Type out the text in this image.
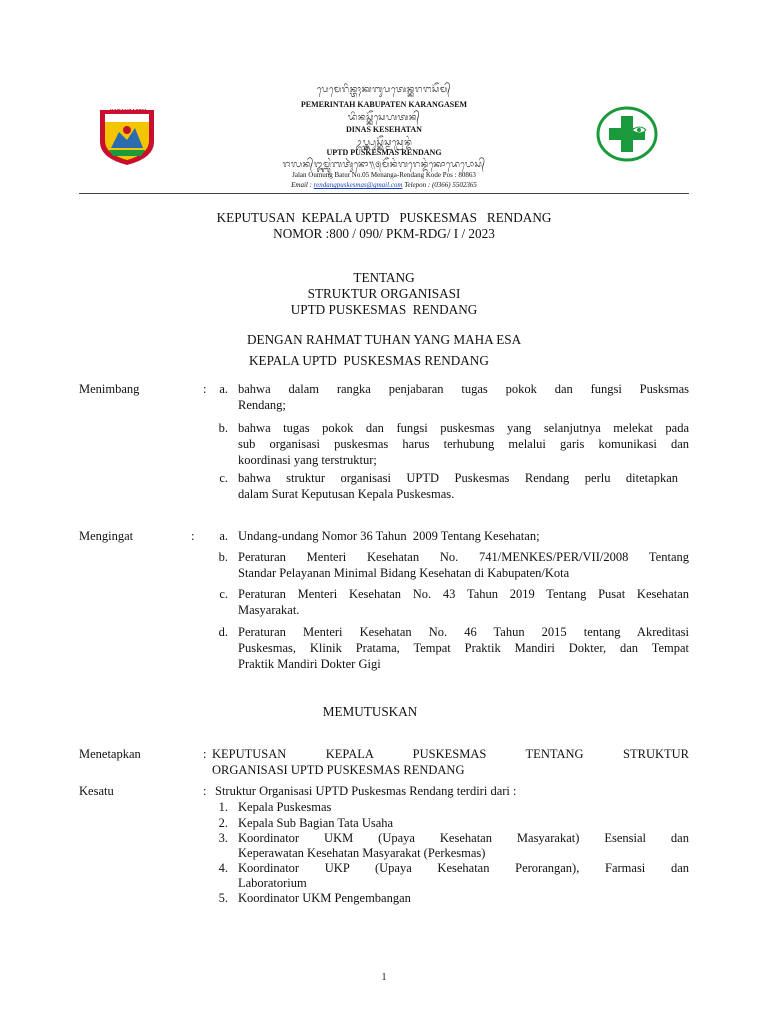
KARANGASEM
ᬧᬾᬫᬾᬭᬶᬦ᭄ᬢᬄᬓᬩᬸᬧᬢᬾᬦ᭄ᬓᬭᬗᬲᭂᬫ᭄
PEMERINTAH KABUPATEN KARANGASEM
ᬤᬶᬦᬲ᭄ᬓᭂᬲᬾᬳᬢᬦ᭄
DINAS KESEHATAN
ᬉᬧ᭄ᬢ᭄ᬤ᭄ᬧᬸᬲ᭄ᬓᭂᬲ᭄ᬫᬲ᭄ᬭᬾᬦ᭄ᬤᬂ
UPTD PUSKESMAS RENDANG
ᬚᬮᬦ᭄ᬑᬫ᭄ᬩᬸᬂᬩᬢᬸᬃᬦᭀ᭟᭕ᬫᭂᬦᬂᬕᬭᬾᬦ᭄ᬤᬂᬓᭀᬤᬾᬧᭀᬲ᭄
Jalan Oumung Batur No.05 Menanga-Rendang Kode Pos : 80863
Email : rendangpuskesmas@gmail.com Telepon : (0366) 5502365
KEPUTUSAN  KEPALA UPTD   PUSKESMAS   RENDANG
NOMOR :800 / 090/ PKM-RDG/ I / 2023
TENTANG
STRUKTUR ORGANISASI
UPTD PUSKESMAS  RENDANG
DENGAN RAHMAT TUHAN YANG MAHA ESA
KEPALA UPTD  PUSKESMAS RENDANG
Menimbang	:	a. bahwa dalam rangka penjabaran tugas pokok dan fungsi Pusksmas
Rendang;
b. bahwa tugas pokok dan fungsi puskesmas yang selanjutnya melekat pada
sub organisasi puskesmas harus terhubung melalui garis komunikasi dan
koordinasi yang terstruktur;
c. bahwa struktur organisasi UPTD Puskesmas Rendang perlu ditetapkan
dalam Surat Keputusan Kepala Puskesmas.
Mengingat	:	a. Undang-undang Nomor 36 Tahun  2009 Tentang Kesehatan;
b. Peraturan Menteri Kesehatan No. 741/MENKES/PER/VII/2008 Tentang
Standar Pelayanan Minimal Bidang Kesehatan di Kabupaten/Kota
c. Peraturan Menteri Kesehatan No. 43 Tahun 2019 Tentang Pusat Kesehatan
Masyarakat.
d. Peraturan Menteri Kesehatan No. 46 Tahun 2015 tentang Akreditasi
Puskesmas, Klinik Pratama, Tempat Praktik Mandiri Dokter, dan Tempat
Praktik Mandiri Dokter Gigi
MEMUTUSKAN
Menetapkan	: KEPUTUSAN KEPALA PUSKESMAS TENTANG STRUKTUR
ORGANISASI UPTD PUSKESMAS RENDANG
Kesatu	: Struktur Organisasi UPTD Puskesmas Rendang terdiri dari :
1. Kepala Puskesmas
2. Kepala Sub Bagian Tata Usaha
3. Koordinator UKM (Upaya Kesehatan Masyarakat) Esensial dan
Keperawatan Kesehatan Masyarakat (Perkesmas)
4. Koordinator UKP (Upaya Kesehatan Perorangan), Farmasi dan
Laboratorium
5. Koordinator UKM Pengembangan
1
